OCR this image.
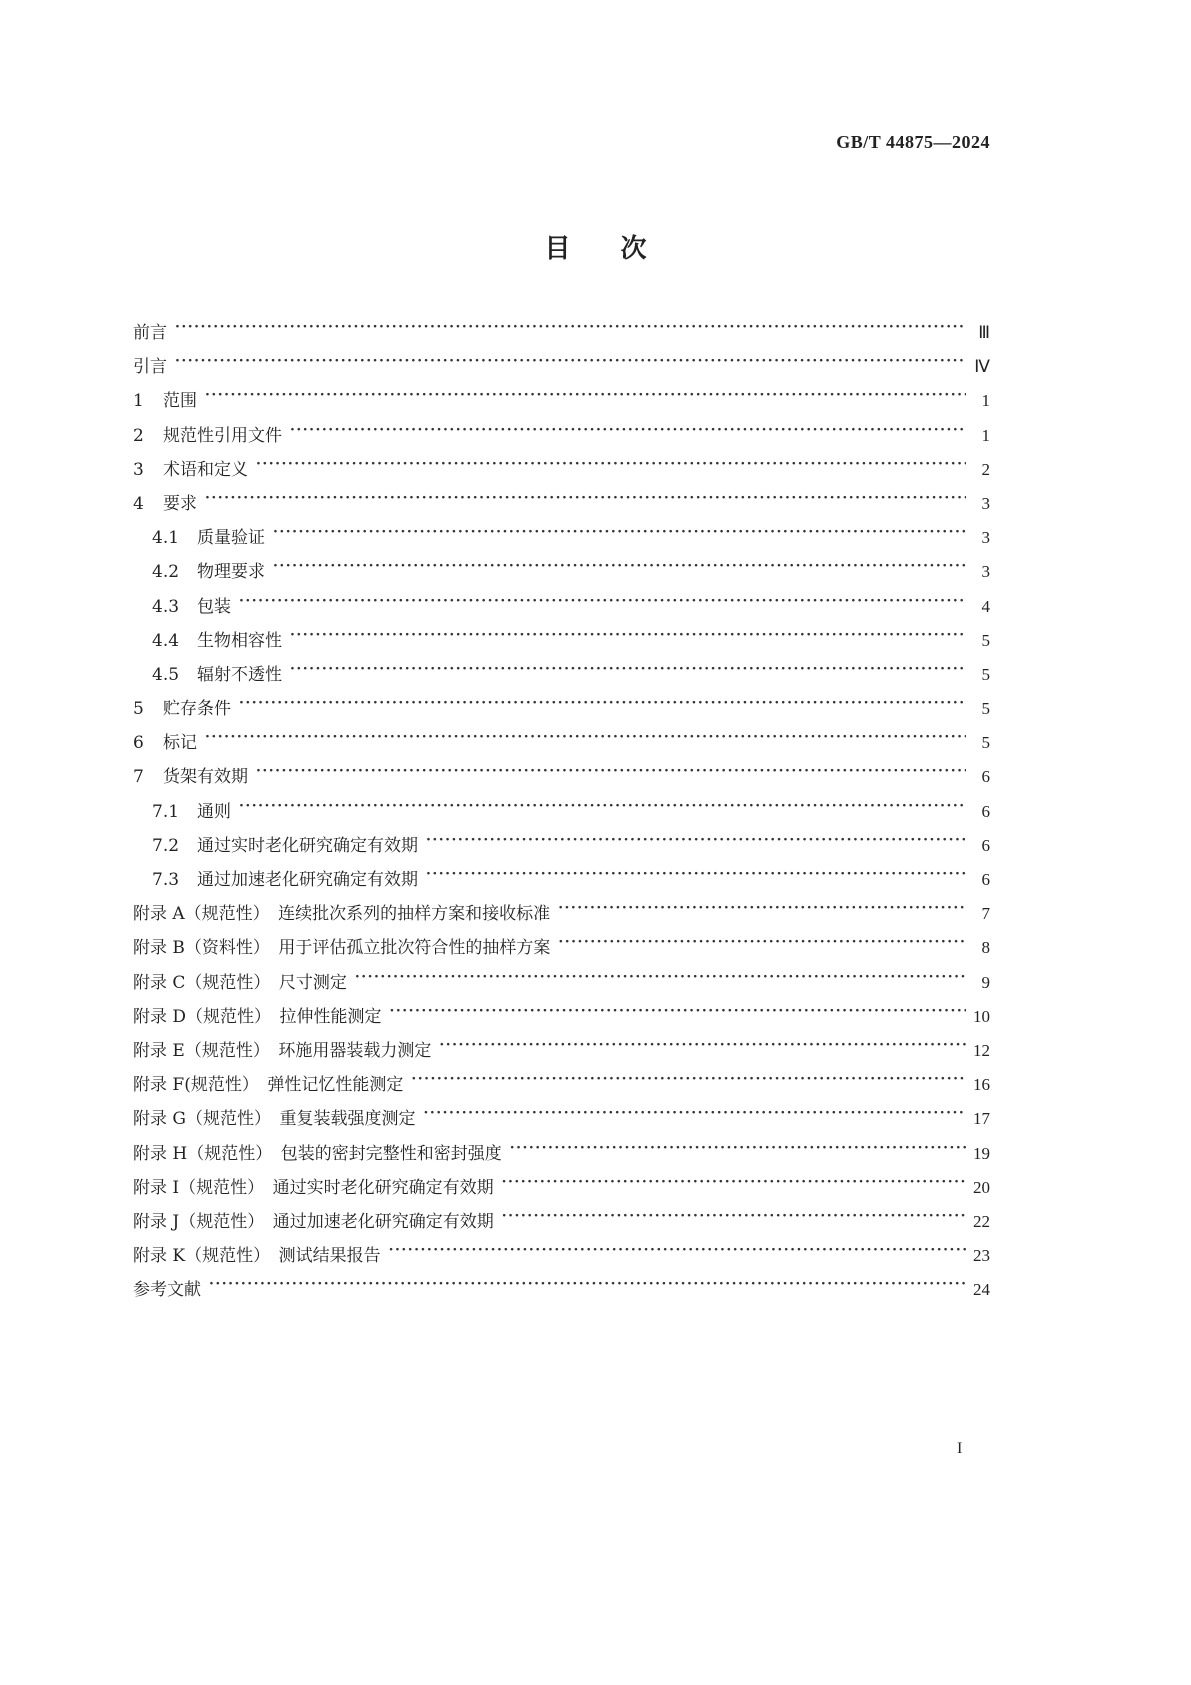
GB/T 44875—2024
目次
前言 ·····	Ⅲ
引言 ·····	Ⅳ
1	范围 ·····	1
2	规范性引用文件 ·····	1
3	术语和定义 ·····	2
4	要求 ·····	3
4.1	质量验证 ·····	3
4.2	物理要求 ·····	3
4.3	包装 ·····	4
4.4	生物相容性 ·····	5
4.5	辐射不透性 ·····	5
5	贮存条件 ·····	5
6	标记 ·····	5
7	货架有效期 ·····	6
7.1	通则 ·····	6
7.2	通过实时老化研究确定有效期 ·····	6
7.3	通过加速老化研究确定有效期 ·····	6
附录 A（规范性）　连续批次系列的抽样方案和接收标准 ·····	7
附录 B（资料性）　用于评估孤立批次符合性的抽样方案 ·····	8
附录 C（规范性）　尺寸测定 ·····	9
附录 D（规范性）　拉伸性能测定 ·····	10
附录 E（规范性）　环施用器装载力测定 ·····	12
附录 F(规范性）　弹性记忆性能测定 ·····	16
附录 G（规范性）　重复装载强度测定 ·····	17
附录 H（规范性）　包装的密封完整性和密封强度 ·····	19
附录 I（规范性）　通过实时老化研究确定有效期 ·····	20
附录 J（规范性）　通过加速老化研究确定有效期 ·····	22
附录 K（规范性）　测试结果报告 ·····	23
参考文献 ·····	24
I
